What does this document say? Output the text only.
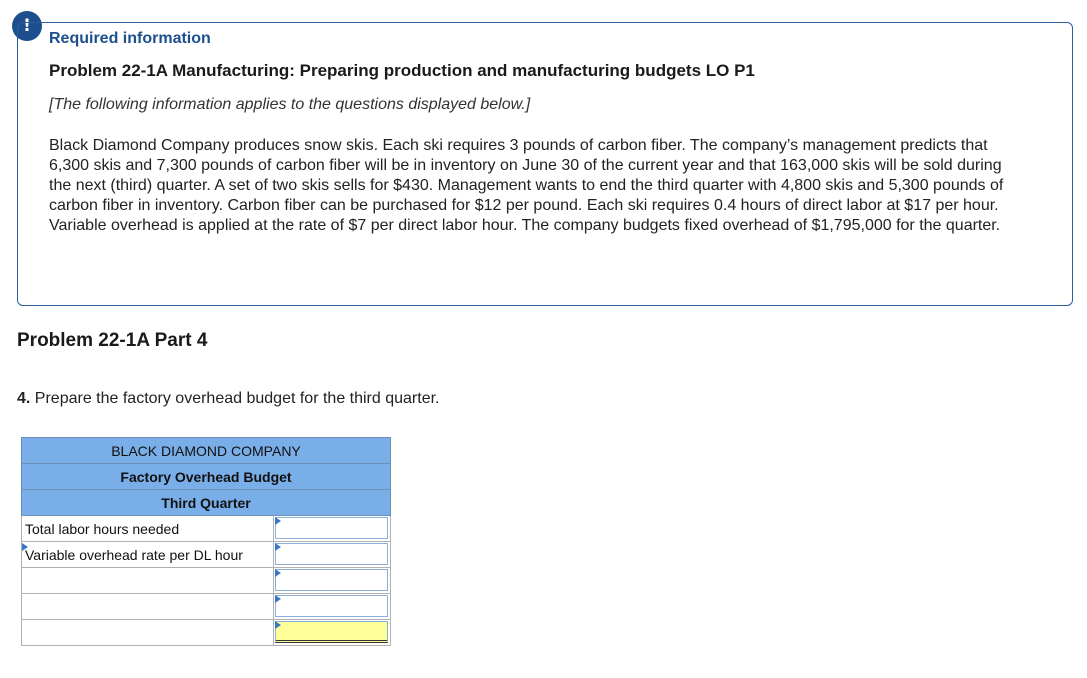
!

Required information

Problem 22-1A Manufacturing: Preparing production and manufacturing budgets LO P1

[The following information applies to the questions displayed below.]

Black Diamond Company produces snow skis. Each ski requires 3 pounds of carbon fiber. The company’s management predicts that 6,300 skis and 7,300 pounds of carbon fiber will be in inventory on June 30 of the current year and that 163,000 skis will be sold during the next (third) quarter. A set of two skis sells for $430. Management wants to end the third quarter with 4,800 skis and 5,300 pounds of carbon fiber in inventory. Carbon fiber can be purchased for $12 per pound. Each ski requires 0.4 hours of direct labor at $17 per hour. Variable overhead is applied at the rate of $7 per direct labor hour. The company budgets fixed overhead of $1,795,000 for the quarter.

Problem 22-1A Part 4

4. Prepare the factory overhead budget for the third quarter.

BLACK DIAMOND COMPANY	
Factory Overhead Budget	
Third Quarter	
Total labor hours needed	

Variable overhead rate per DL hour	
